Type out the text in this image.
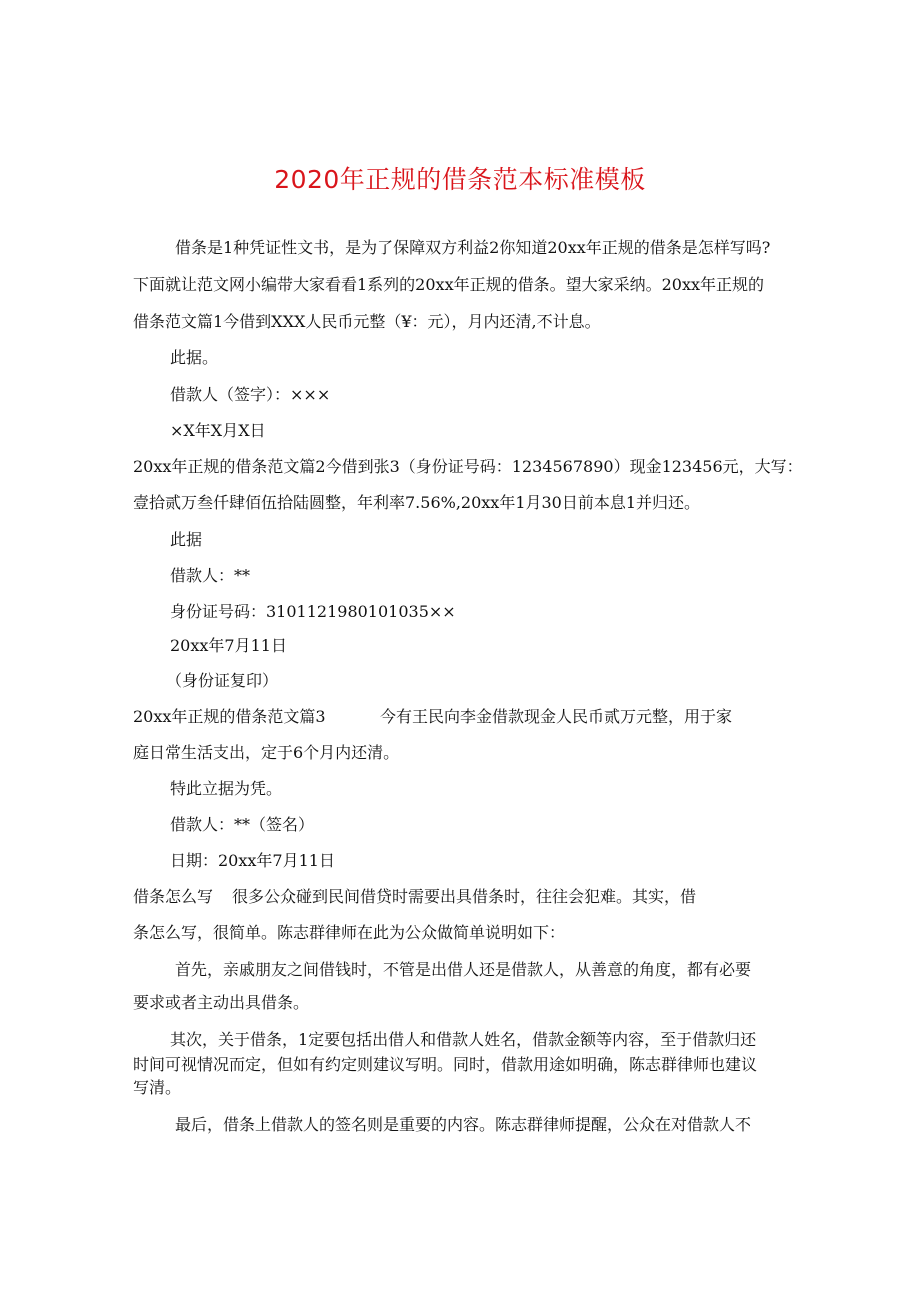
2020年正规的借条范本标准模板
借条是1种凭证性文书，是为了保障双方利益2你知道20xx年正规的借条是怎样写吗?
下面就让范文网小编带大家看看1系列的20xx年正规的借条。望大家采纳。20xx年正规的
借条范文篇1今借到XXX人民币元整（¥：元），月内还清,不计息。
此据。
借款人（签字）：×××
×X年X月X日
20xx年正规的借条范文篇2今借到张3（身份证号码：1234567890）现金123456元，大写：
壹拾贰万叁仟肆佰伍拾陆圆整，年利率7.56%,20xx年1月30日前本息1并归还。
此据
借款人：**
身份证号码：3101121980101035××
20xx年7月11日
（身份证复印）
20xx年正规的借条范文篇3	今有王民向李金借款现金人民币贰万元整，用于家
庭日常生活支出，定于6个月内还清。
特此立据为凭。
借款人：**（签名）
日期：20xx年7月11日
借条怎么写 很多公众碰到民间借贷时需要出具借条时，往往会犯难。其实，借
条怎么写，很简单。陈志群律师在此为公众做简单说明如下：
首先，亲戚朋友之间借钱时，不管是出借人还是借款人，从善意的角度，都有必要
要求或者主动出具借条。
其次，关于借条，1定要包括出借人和借款人姓名，借款金额等内容，至于借款归还
时间可视情况而定，但如有约定则建议写明。同时，借款用途如明确，陈志群律师也建议
写清。
最后，借条上借款人的签名则是重要的内容。陈志群律师提醒，公众在对借款人不
